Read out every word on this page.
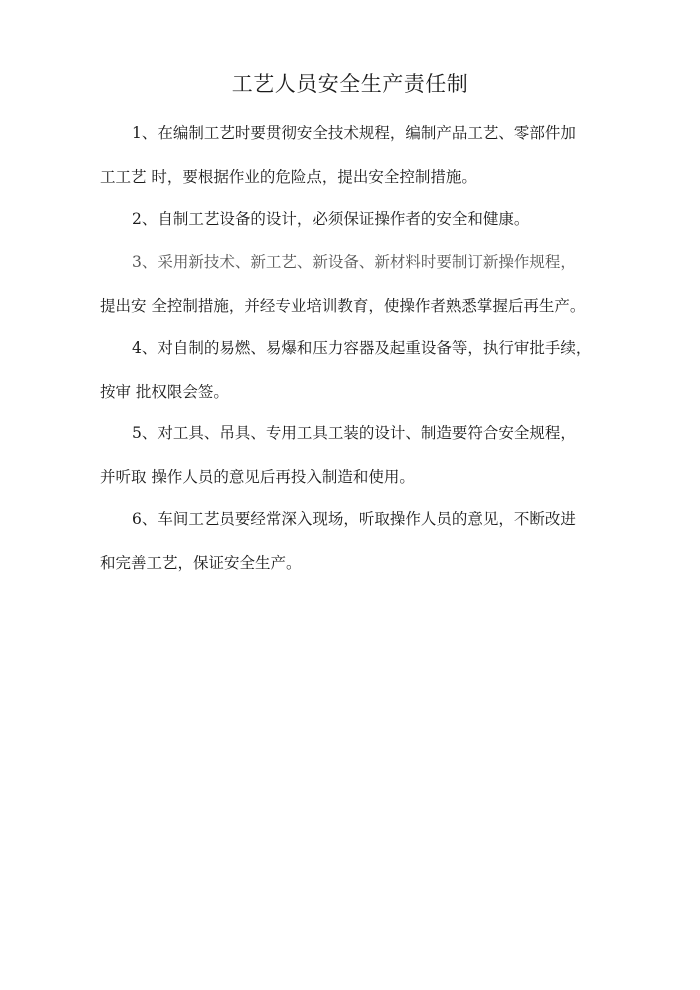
工艺人员安全生产责任制

1、在编制工艺时要贯彻安全技术规程，编制产品工艺、零部件加
工工艺 时，要根据作业的危险点，提出安全控制措施。

2、自制工艺设备的设计，必须保证操作者的安全和健康。

3、采用新技术、新工艺、新设备、新材料时要制订新操作规程，
提出安 全控制措施，并经专业培训教育，使操作者熟悉掌握后再生产。

4、对自制的易燃、易爆和压力容器及起重设备等，执行审批手续，
按审 批权限会签。

5、对工具、吊具、专用工具工装的设计、制造要符合安全规程，
并听取 操作人员的意见后再投入制造和使用。

6、车间工艺员要经常深入现场，听取操作人员的意见，不断改进
和完善工艺，保证安全生产。
